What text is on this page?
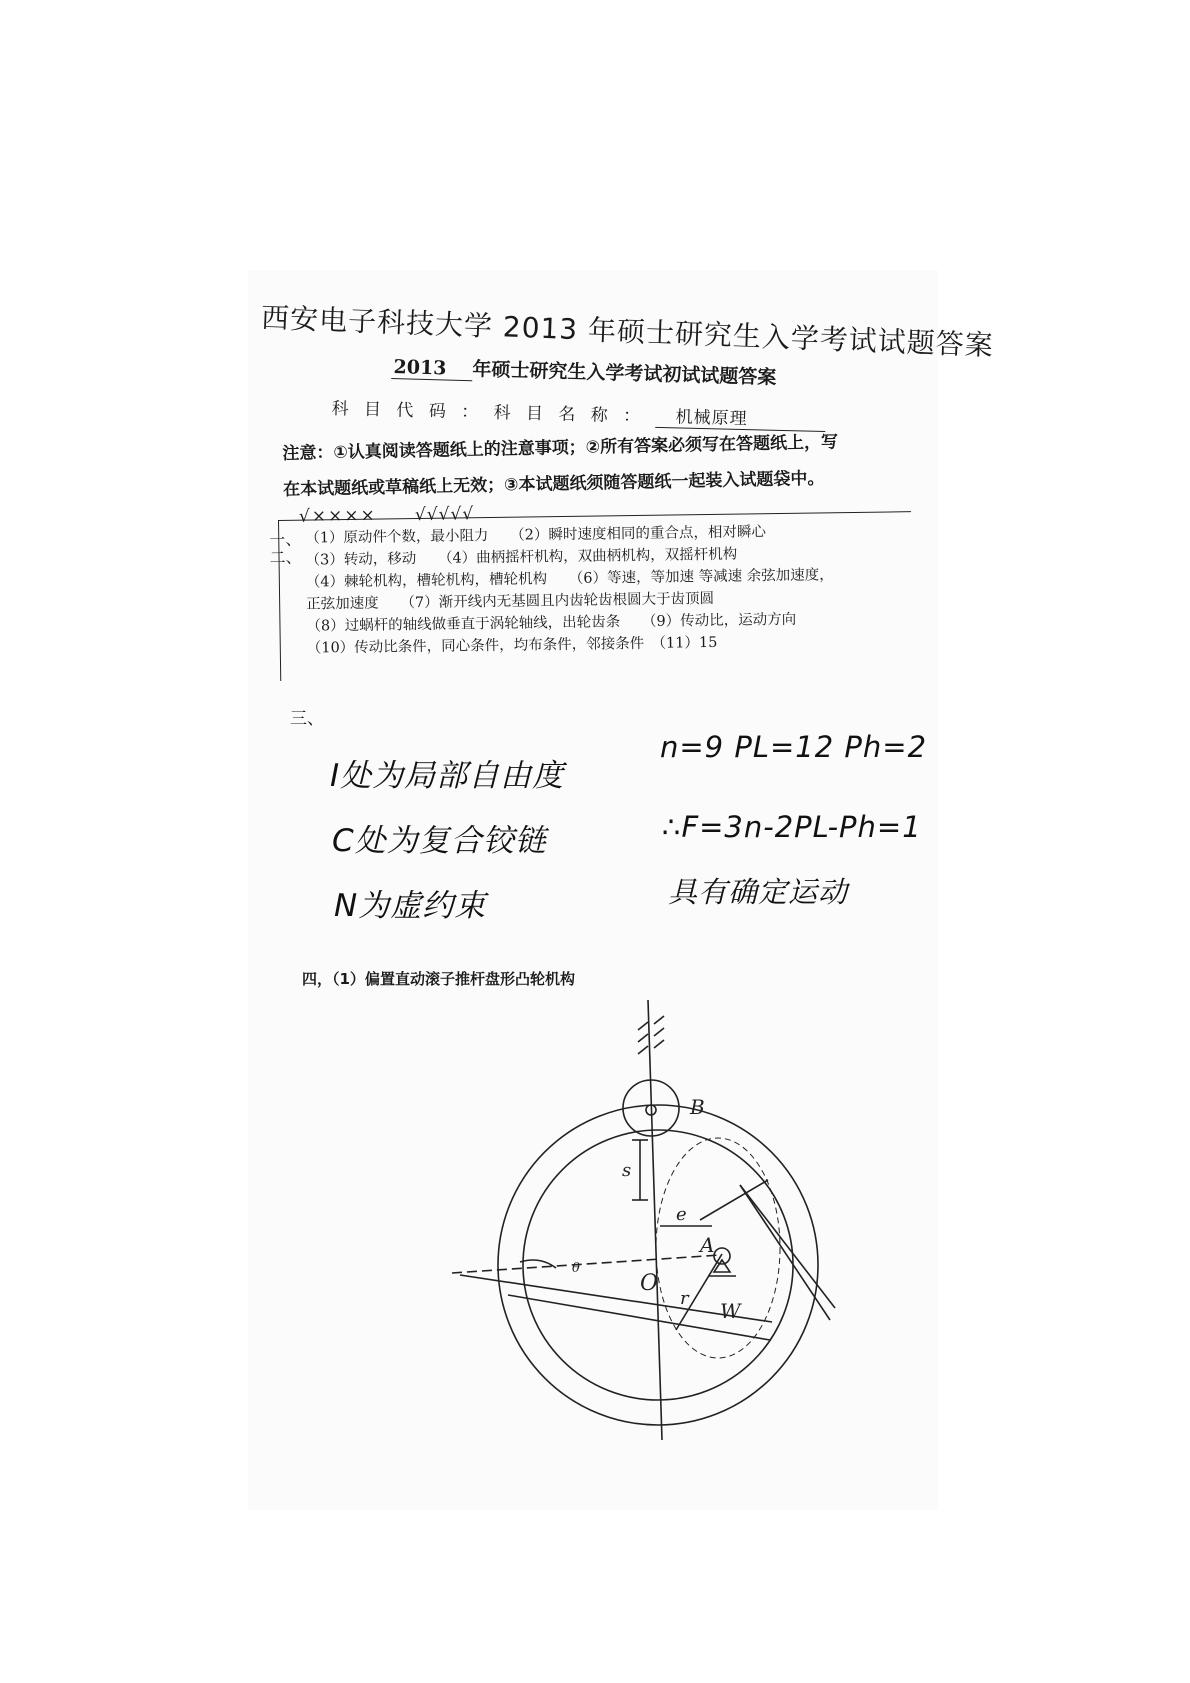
西安电子科技大学 2013 年硕士研究生入学考试试题答案
2013 年硕士研究生入学考试初试试题答案
科 目 代 码 ： 科 目 名 称 ： 机械原理
注意：①认真阅读答题纸上的注意事项；②所有答案必须写在答题纸上，写
在本试题纸或草稿纸上无效；③本试题纸须随答题纸一起装入试题袋中。
一、
√×××× √√√√√
二、
（1）原动件个数，最小阻力　　（2）瞬时速度相同的重合点，相对瞬心
（3）转动，移动　　（4）曲柄摇杆机构，双曲柄机构，双摇杆机构
（4）棘轮机构，槽轮机构，槽轮机构　　（6）等速，等加速 等减速 余弦加速度，
正弦加速度　　（7）渐开线内无基圆且内齿轮齿根圆大于齿顶圆
（8）过蜗杆的轴线做垂直于涡轮轴线，出轮齿条　　（9）传动比，运动方向
（10）传动比条件，同心条件，均布条件，邻接条件　（11）15
三、
I处为局部自由度
C处为复合铰链
N为虚约束
n=9 PL=12 Ph=2
∴F=3n-2PL-Ph=1
具有确定运动
四，（1）偏置直动滚子推杆盘形凸轮机构
B
s
e
A
O
r
W
θ
